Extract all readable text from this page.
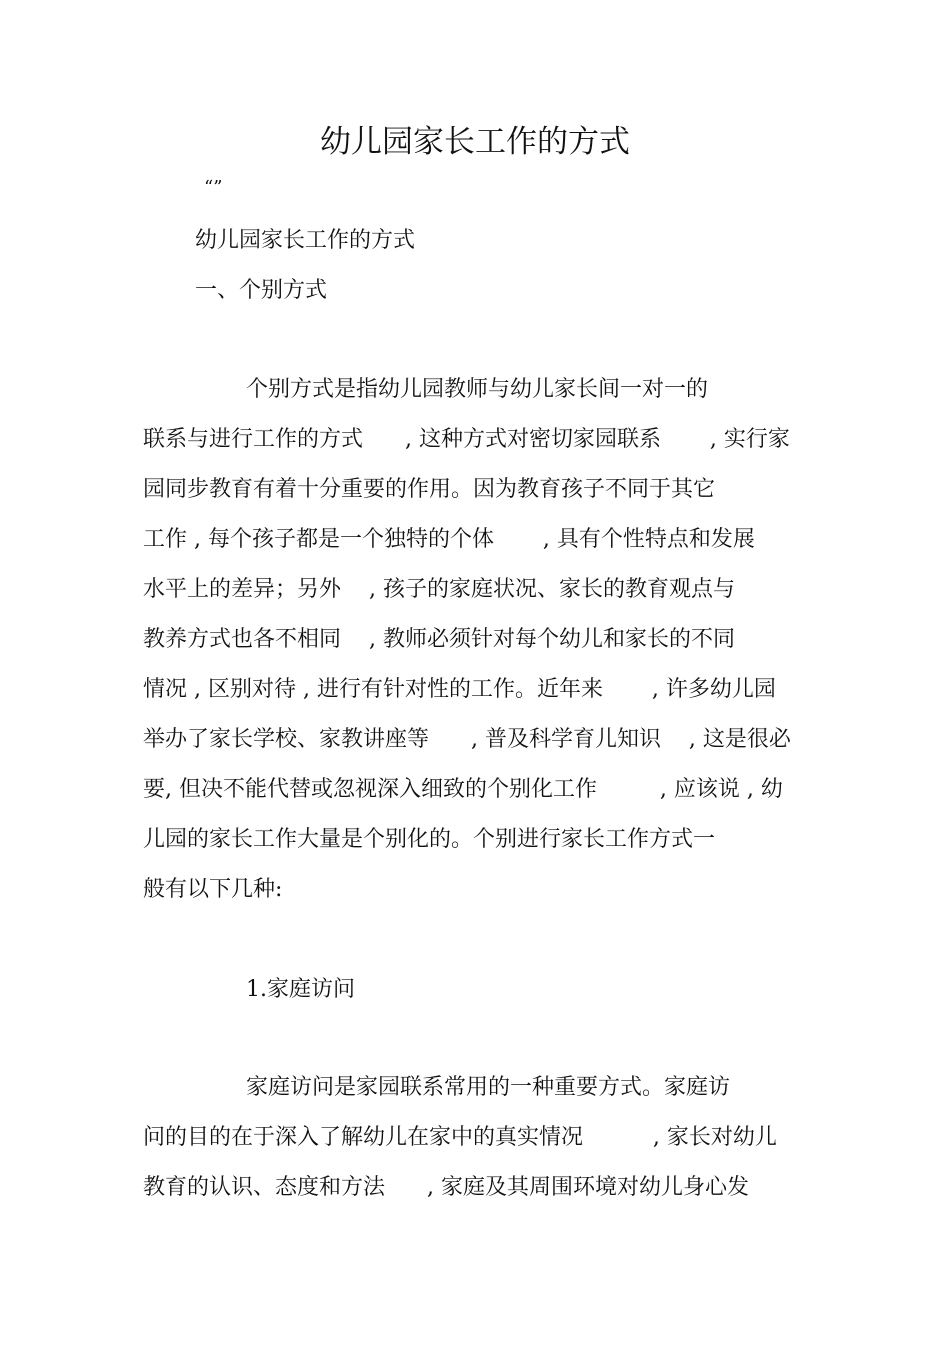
幼儿园家长工作的方式
“”
幼儿园家长工作的方式
一、个别方式
个别方式是指幼儿园教师与幼儿家长间一对一的
联系与进行工作的方式      , 这种方式对密切家园联系       , 实行家
园同步教育有着十分重要的作用。因为教育孩子不同于其它
工作 , 每个孩子都是一个独特的个体       , 具有个性特点和发展
水平上的差异；另外    , 孩子的家庭状况、家长的教育观点与
教养方式也各不相同    , 教师必须针对每个幼儿和家长的不同
情况 , 区别对待 , 进行有针对性的工作。近年来       , 许多幼儿园
举办了家长学校、家教讲座等      , 普及科学育儿知识    , 这是很必
要, 但决不能代替或忽视深入细致的个别化工作         , 应该说 , 幼
儿园的家长工作大量是个别化的。个别进行家长工作方式一
般有以下几种:
1.家庭访问
家庭访问是家园联系常用的一种重要方式。家庭访
问的目的在于深入了解幼儿在家中的真实情况          , 家长对幼儿
教育的认识、态度和方法      , 家庭及其周围环境对幼儿身心发
